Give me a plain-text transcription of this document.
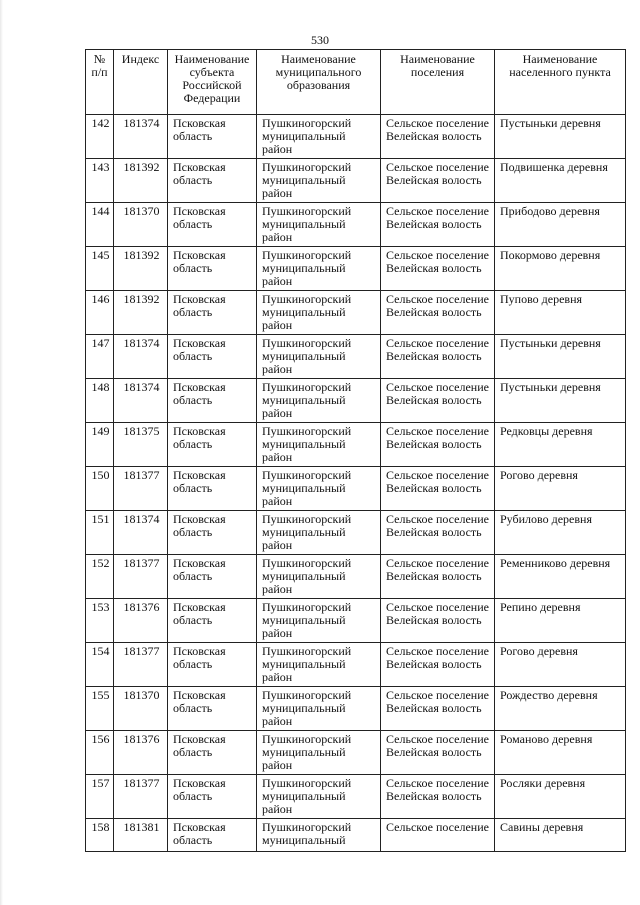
530
№ п/п	Индекс	Наименование субъекта Российской Федерации	Наименование муниципального образования	Наименование поселения	Наименование населенного пункта
142	181374	Псковская область	Пушкиногорский муниципальный район	Сельское поселение Велейская волость	Пустыньки деревня
143	181392	Псковская область	Пушкиногорский муниципальный район	Сельское поселение Велейская волость	Подвишенка деревня
144	181370	Псковская область	Пушкиногорский муниципальный район	Сельское поселение Велейская волость	Прибодово деревня
145	181392	Псковская область	Пушкиногорский муниципальный район	Сельское поселение Велейская волость	Покормово деревня
146	181392	Псковская область	Пушкиногорский муниципальный район	Сельское поселение Велейская волость	Пупово деревня
147	181374	Псковская область	Пушкиногорский муниципальный район	Сельское поселение Велейская волость	Пустыньки деревня
148	181374	Псковская область	Пушкиногорский муниципальный район	Сельское поселение Велейская волость	Пустыньки деревня
149	181375	Псковская область	Пушкиногорский муниципальный район	Сельское поселение Велейская волость	Редковцы деревня
150	181377	Псковская область	Пушкиногорский муниципальный район	Сельское поселение Велейская волость	Рогово деревня
151	181374	Псковская область	Пушкиногорский муниципальный район	Сельское поселение Велейская волость	Рубилово деревня
152	181377	Псковская область	Пушкиногорский муниципальный район	Сельское поселение Велейская волость	Ременниково деревня
153	181376	Псковская область	Пушкиногорский муниципальный район	Сельское поселение Велейская волость	Репино деревня
154	181377	Псковская область	Пушкиногорский муниципальный район	Сельское поселение Велейская волость	Рогово деревня
155	181370	Псковская область	Пушкиногорский муниципальный район	Сельское поселение Велейская волость	Рождество деревня
156	181376	Псковская область	Пушкиногорский муниципальный район	Сельское поселение Велейская волость	Романово деревня
157	181377	Псковская область	Пушкиногорский муниципальный район	Сельское поселение Велейская волость	Росляки деревня
158	181381	Псковская область	Пушкиногорский муниципальный	Сельское поселение	Савины деревня
